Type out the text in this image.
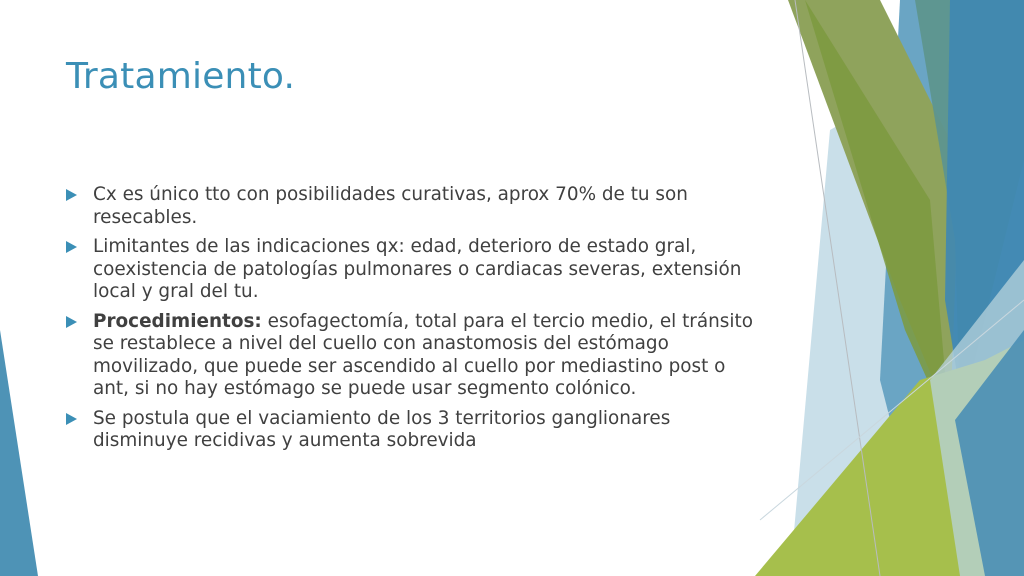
Tratamiento.
Cx es único tto con posibilidades curativas, aprox 70% de tu son resecables.
Limitantes de las indicaciones qx: edad, deterioro de estado gral, coexistencia de patologías pulmonares o cardiacas severas, extensión local y gral del tu.
Procedimientos: esofagectomía, total para el tercio medio, el tránsito se restablece a nivel del cuello con anastomosis del estómago movilizado, que puede ser ascendido al cuello por mediastino post o ant, si no hay estómago se puede usar segmento colónico.
Se postula que el vaciamiento de los 3 territorios ganglionares disminuye recidivas y aumenta sobrevida
